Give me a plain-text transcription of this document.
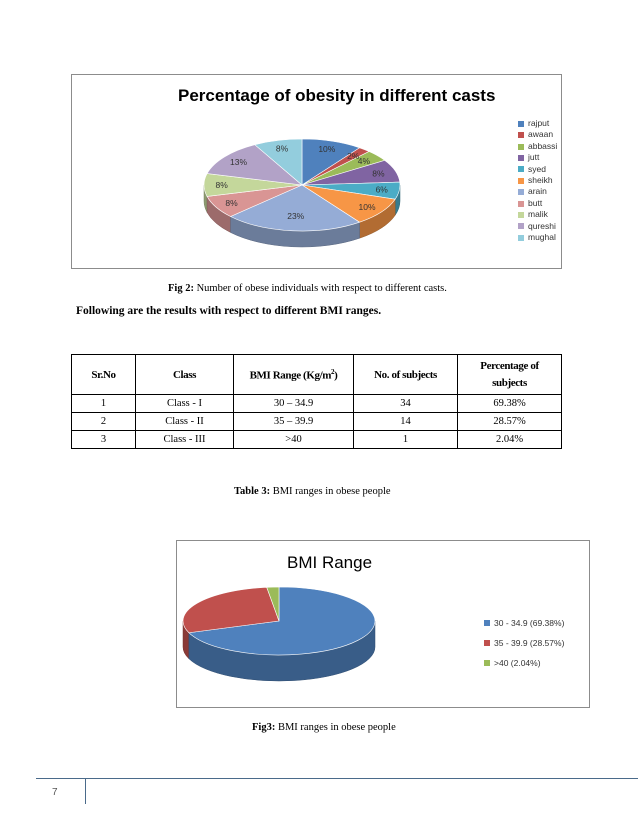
Percentage of obesity in different casts
10%
2%
4%
8%
6%
10%
23%
8%
8%
13%
8%
rajput
awaan
abbassi
jutt
syed
sheikh
arain
butt
malik
qureshi
mughal
Fig 2: Number of obese individuals with respect to different casts.
Following are the results with respect to different BMI ranges.
Sr.No	Class	BMI Range $(Kg/m^2)$	No. of subjects	Percentage of subjects
1	Class - I	30 – 34.9	34	69.38%
2	Class - II	35 – 39.9	14	28.57%
3	Class - III	>40	1	2.04%
Table 3: BMI ranges in obese people
BMI Range
30 - 34.9 (69.38%)
35 - 39.9 (28.57%)
>40 (2.04%)
Fig3: BMI ranges in obese people
7
